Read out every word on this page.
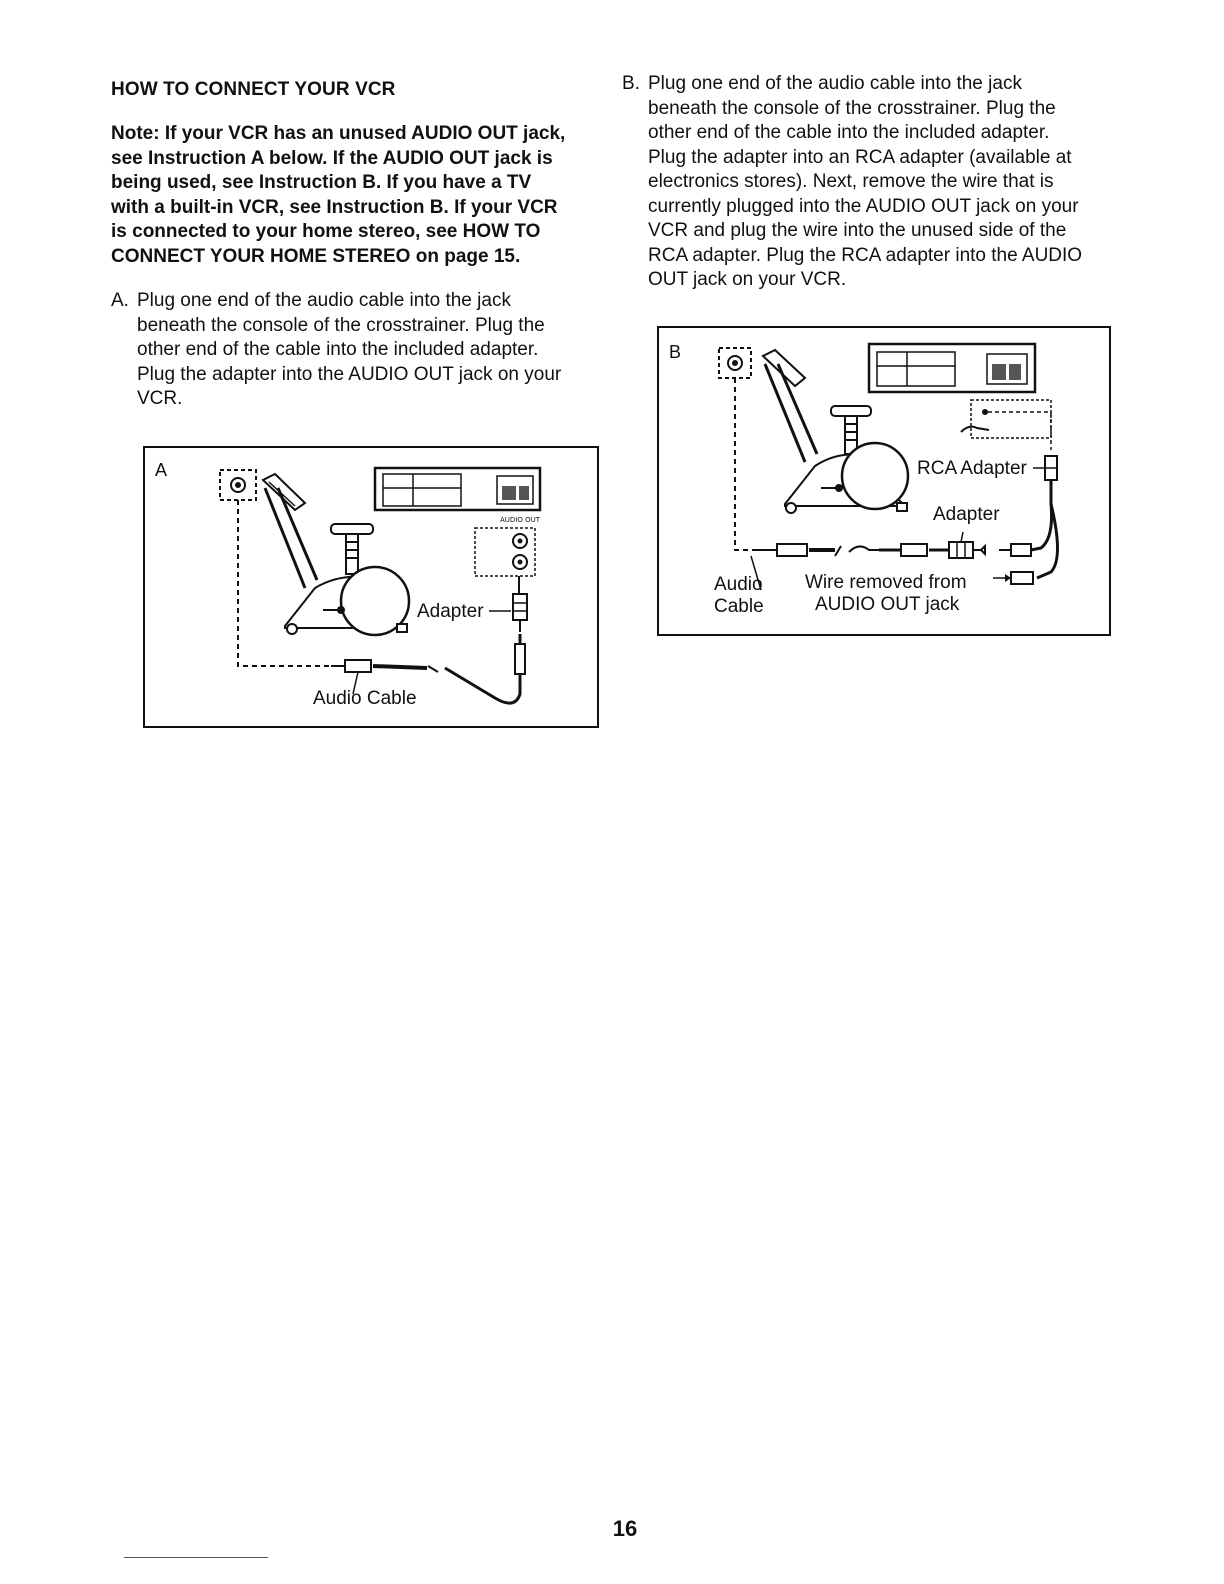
HOW TO CONNECT YOUR VCR
Note: If your VCR has an unused AUDIO OUT jack,
see Instruction A below. If the AUDIO OUT jack is
being used, see Instruction B. If you have a TV
with a built-in VCR, see Instruction B. If your VCR
is connected to your home stereo, see HOW TO
CONNECT YOUR HOME STEREO on page 15.
A. Plug one end of the audio cable into the jack
beneath the console of the crosstrainer. Plug the
other end of the cable into the included adapter.
Plug the adapter into the AUDIO OUT jack on your
VCR.
B. Plug one end of the audio cable into the jack
beneath the console of the crosstrainer. Plug the
other end of the cable into the included adapter.
Plug the adapter into an RCA adapter (available at
electronics stores). Next, remove the wire that is
currently plugged into the AUDIO OUT jack on your
VCR and plug the wire into the unused side of the
RCA adapter. Plug the RCA adapter into the AUDIO
OUT jack on your VCR.
AUDIO OUT
A
Adapter
Audio Cable
B
RCA Adapter
Adapter
Audio
Cable
Wire removed from
AUDIO OUT jack
16
